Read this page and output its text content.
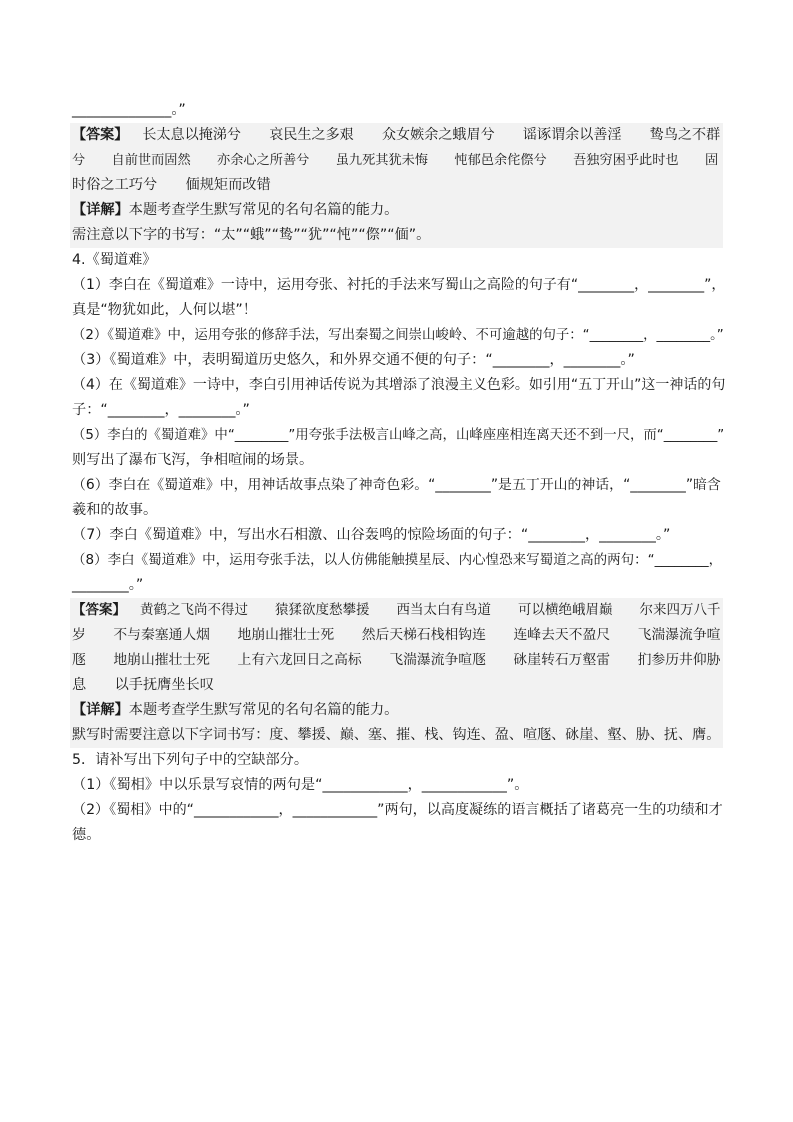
______________。”

【答案】 长太息以掩涕兮　　哀民生之多艰　　众女嫉余之蛾眉兮　　谣诼谓余以善淫　　鸷鸟之不群

兮　　自前世而固然　　亦余心之所善兮　　虽九死其犹未悔　　忳郁邑余侘傺兮　　吾独穷困乎此时也　　固

时俗之工巧兮　　偭规矩而改错

【详解】本题考查学生默写常见的名句名篇的能力。

需注意以下字的书写：“太”“蛾”“鸷”“犹”“忳”“傺”“偭”。

4.《蜀道难》

（1）李白在《蜀道难》一诗中，运用夸张、衬托的手法来写蜀山之高险的句子有“________，________”，

真是“物犹如此，人何以堪”！

（2）《蜀道难》中，运用夸张的修辞手法，写出秦蜀之间崇山峻岭、不可逾越的句子：“________，________。”

（3）《蜀道难》中，表明蜀道历史悠久，和外界交通不便的句子：“________，________。”

（4）在《蜀道难》一诗中，李白引用神话传说为其增添了浪漫主义色彩。如引用“五丁开山”这一神话的句

子：“________，________。”

（5）李白的《蜀道难》中“________”用夸张手法极言山峰之高，山峰座座相连离天还不到一尺，而“________”

则写出了瀑布飞泻，争相喧闹的场景。

（6）李白在《蜀道难》中，用神话故事点染了神奇色彩。“________”是五丁开山的神话，“________”暗含

羲和的故事。

（7）李白《蜀道难》中，写出水石相激、山谷轰鸣的惊险场面的句子：“________，________。”

（8）李白《蜀道难》中，运用夸张手法，以人仿佛能触摸星辰、内心惶恐来写蜀道之高的两句：“________，

________。”

【答案】 黄鹤之飞尚不得过　　猿猱欲度愁攀援　　西当太白有鸟道　　可以横绝峨眉巅　　尔来四万八千

岁　　不与秦塞通人烟　　地崩山摧壮士死　　然后天梯石栈相钩连　　连峰去天不盈尺　　飞湍瀑流争喧

豗　　地崩山摧壮士死　　上有六龙回日之高标　　飞湍瀑流争喧豗　　砯崖转石万壑雷　　扪参历井仰胁

息　　以手抚膺坐长叹

【详解】本题考查学生默写常见的名句名篇的能力。

默写时需要注意以下字词书写：度、攀援、巅、塞、摧、栈、钩连、盈、喧豗、砯崖、壑、胁、抚、膺。

5．请补写出下列句子中的空缺部分。

（1）《蜀相》中以乐景写哀情的两句是“____________，____________”。

（2）《蜀相》中的“____________，____________”两句，以高度凝练的语言概括了诸葛亮一生的功绩和才

德。
